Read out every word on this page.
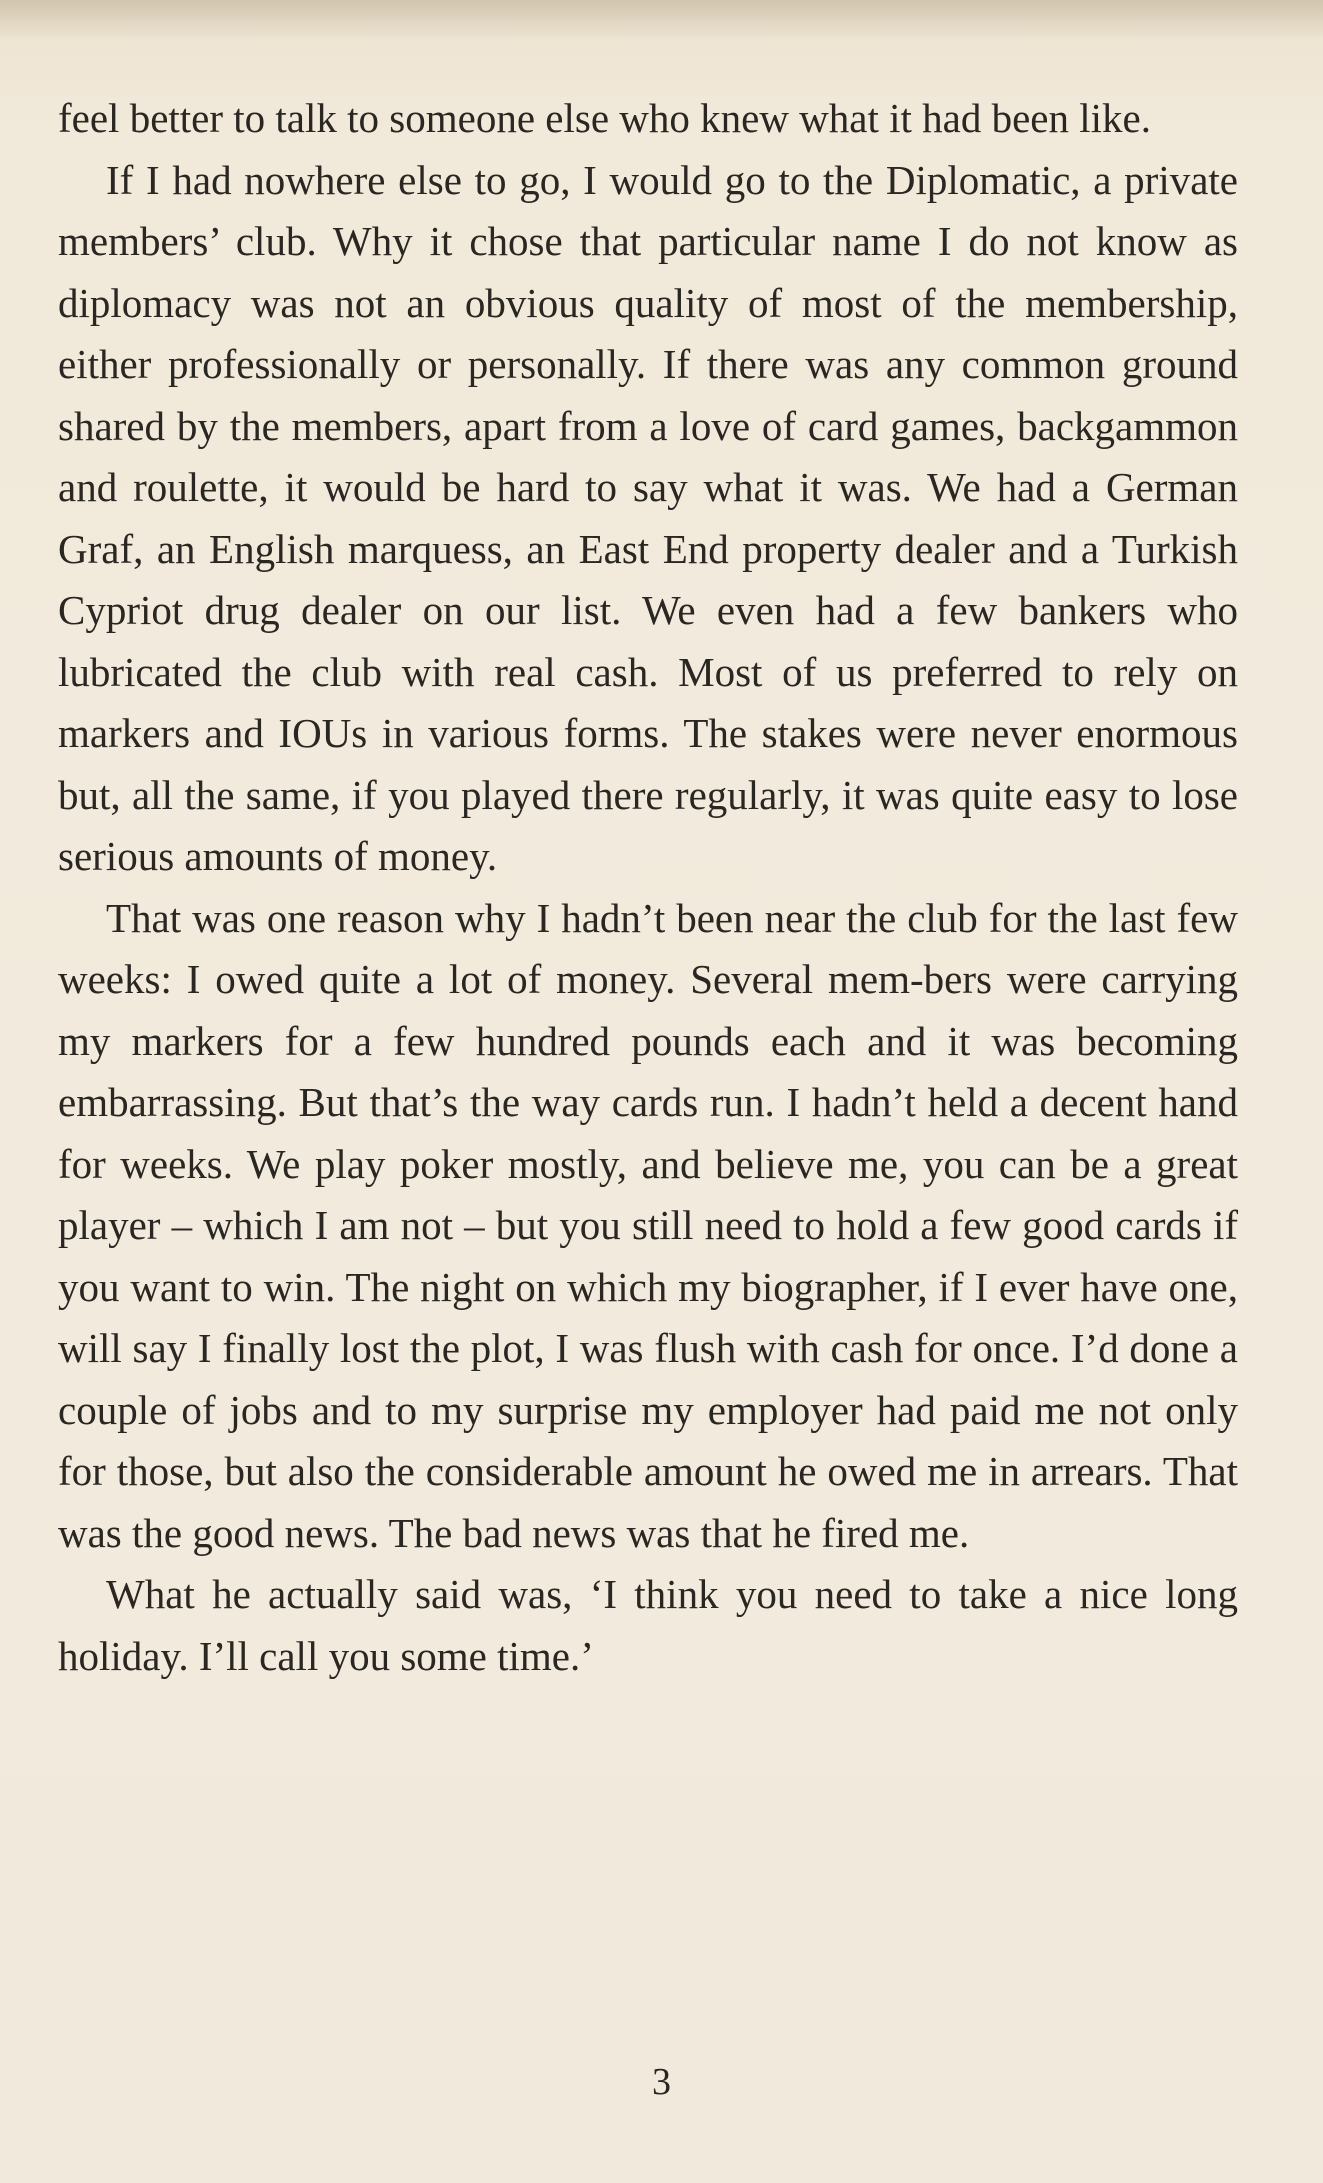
feel better to talk to someone else who knew what it had been like.

If I had nowhere else to go, I would go to the Diplomatic, a private members’ club. Why it chose that particular name I do not know as diplomacy was not an obvious quality of most of the membership, either professionally or personally. If there was any common ground shared by the members, apart from a love of card games, backgammon and roulette, it would be hard to say what it was. We had a German Graf, an English marquess, an East End property dealer and a Turkish Cypriot drug dealer on our list. We even had a few bankers who lubricated the club with real cash. Most of us preferred to rely on markers and IOUs in various forms. The stakes were never enormous but, all the same, if you played there regularly, it was quite easy to lose serious amounts of money.

That was one reason why I hadn’t been near the club for the last few weeks: I owed quite a lot of money. Several mem-bers were carrying my markers for a few hundred pounds each and it was becoming embarrassing. But that’s the way cards run. I hadn’t held a decent hand for weeks. We play poker mostly, and believe me, you can be a great player – which I am not – but you still need to hold a few good cards if you want to win. The night on which my biographer, if I ever have one, will say I finally lost the plot, I was flush with cash for once. I’d done a couple of jobs and to my surprise my employer had paid me not only for those, but also the considerable amount he owed me in arrears. That was the good news. The bad news was that he fired me.

What he actually said was, ‘I think you need to take a nice long holiday. I’ll call you some time.’

3
